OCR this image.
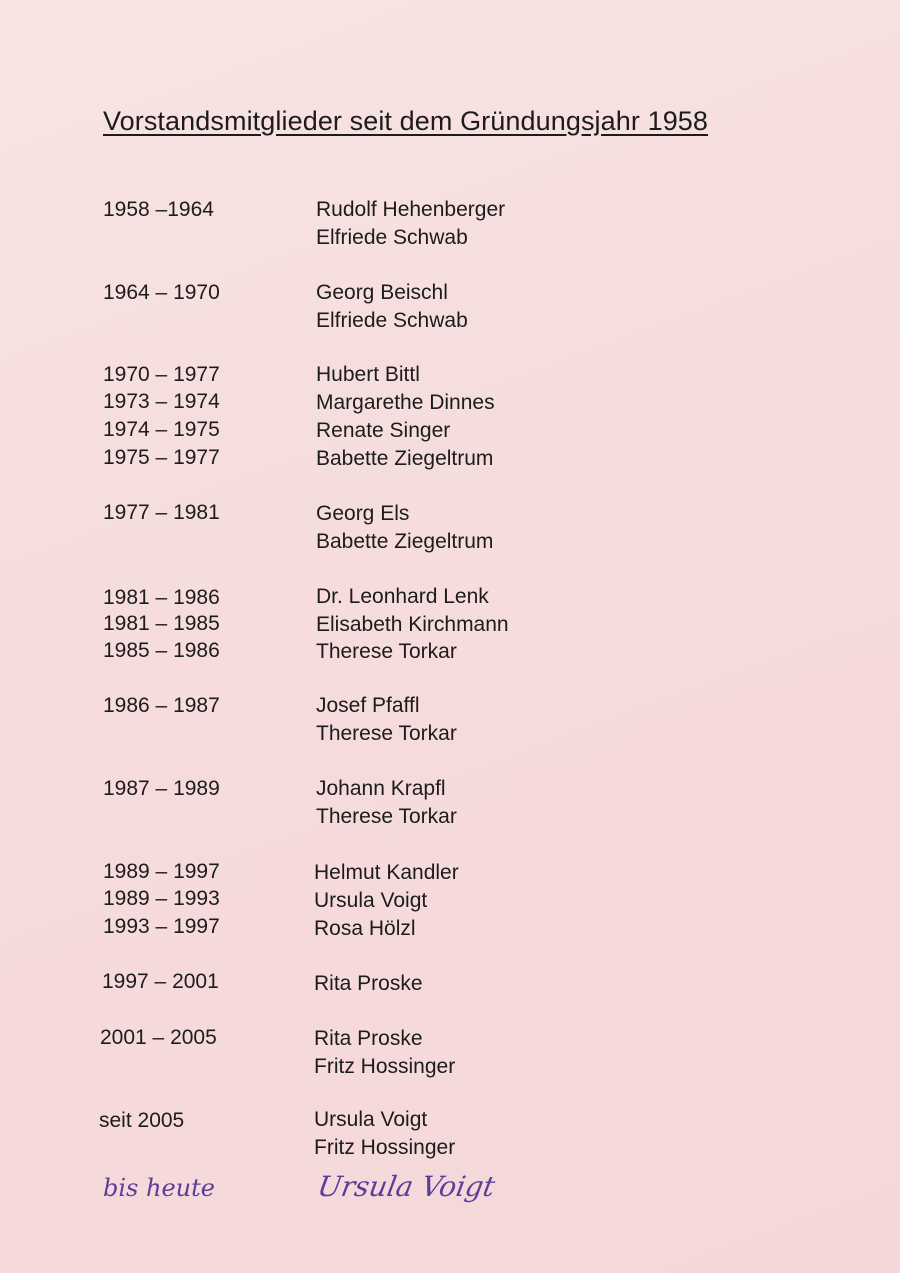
Vorstandsmitglieder seit dem Gründungsjahr 1958
1958 –1964	Rudolf Hehenberger
Elfriede Schwab
1964 – 1970	Georg Beischl
Elfriede Schwab
1970 – 1977	Hubert Bittl
1973 – 1974	Margarethe Dinnes
1974 – 1975	Renate Singer
1975 – 1977	Babette Ziegeltrum
1977 – 1981	Georg Els
Babette Ziegeltrum
1981 – 1986	Dr. Leonhard Lenk
1981 – 1985	Elisabeth Kirchmann
1985 – 1986	Therese Torkar
1986 – 1987	Josef Pfaffl
Therese Torkar
1987 – 1989	Johann Krapfl
Therese Torkar
1989 – 1997	Helmut Kandler
1989 – 1993	Ursula Voigt
1993 – 1997	Rosa Hölzl
1997 – 2001	Rita Proske
2001 – 2005	Rita Proske
Fritz Hossinger
seit 2005	Ursula Voigt
Fritz Hossinger
bis heute	Ursula Voigt
